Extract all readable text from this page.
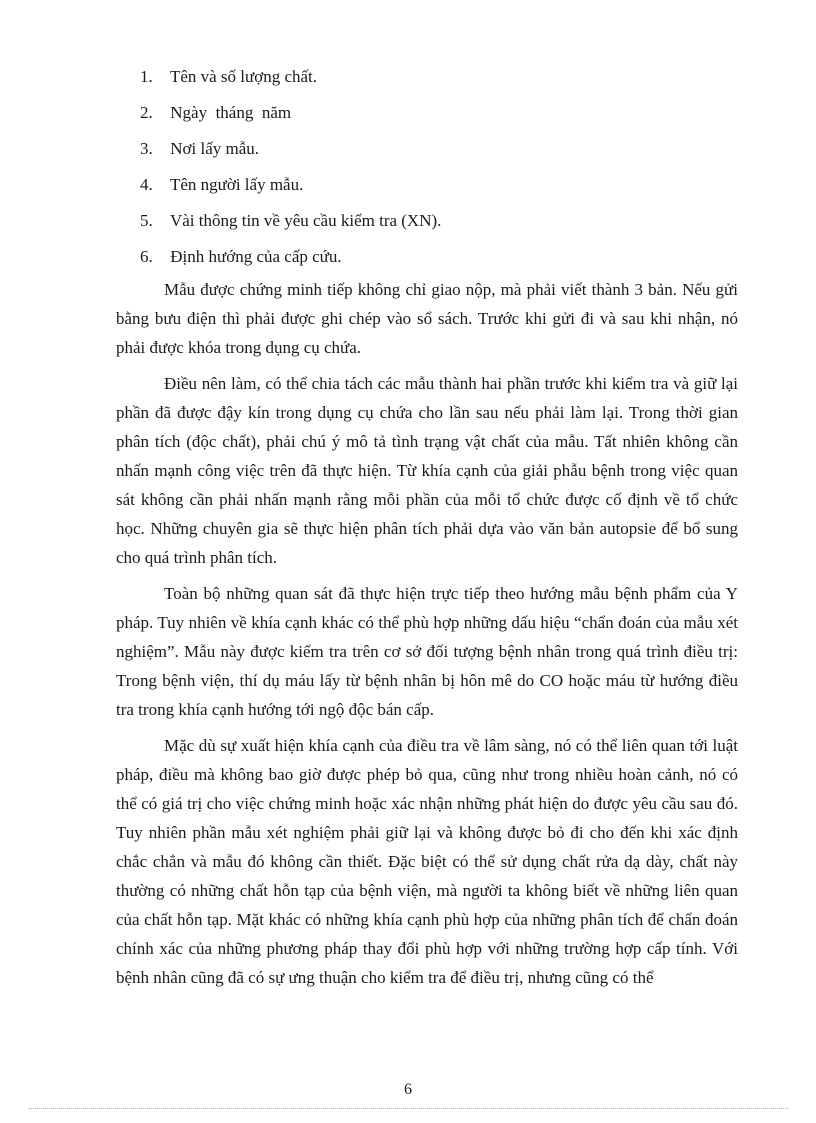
1. Tên và số lượng chất.
2. Ngày  tháng  năm
3. Nơi lấy mẫu.
4. Tên người lấy mẫu.
5. Vài thông tin về yêu cầu kiểm tra (XN).
6. Định hướng của cấp cứu.

Mẫu được chứng minh tiếp không chỉ giao nộp, mà phải viết thành 3 bản. Nếu gửi bằng bưu điện thì phải được ghi chép vào sổ sách. Trước khi gửi đi và sau khi nhận, nó phải được khóa trong dụng cụ chứa.

Điều nên làm, có thể chia tách các mẫu thành hai phần trước khi kiểm tra và giữ lại phần đã được đậy kín trong dụng cụ chứa cho lần sau nếu phải làm lại. Trong thời gian phân tích (độc chất), phải chú ý mô tả tình trạng vật chất của mẫu. Tất nhiên không cần nhấn mạnh công việc trên đã thực hiện. Từ khía cạnh của giải phẫu bệnh trong việc quan sát không cần phải nhấn mạnh rằng mỗi phần của mỗi tổ chức được cố định về tổ chức học. Những chuyên gia sẽ thực hiện phân tích phải dựa vào văn bản autopsie để bổ sung cho quá trình phân tích.

Toàn bộ những quan sát đã thực hiện trực tiếp theo hướng mẫu bệnh phẩm của Y pháp. Tuy nhiên về khía cạnh khác có thể phù hợp những dấu hiệu “chẩn đoán của mẫu xét nghiệm”. Mẫu này được kiểm tra trên cơ sở đối tượng bệnh nhân trong quá trình điều trị: Trong bệnh viện, thí dụ máu lấy từ bệnh nhân bị hôn mê do CO hoặc máu từ hướng điều tra trong khía cạnh hướng tới ngộ độc bán cấp.

Mặc dù sự xuất hiện khía cạnh của điều tra về lâm sàng, nó có thể liên quan tới luật pháp, điều mà không bao giờ được phép bỏ qua, cũng như trong nhiều hoàn cảnh, nó có thể có giá trị cho việc chứng minh hoặc xác nhận những phát hiện do được yêu cầu sau đó. Tuy nhiên phần mẫu xét nghiệm phải giữ lại và không được bỏ đi cho đến khi xác định chắc chắn và mẫu đó không cần thiết. Đặc biệt có thể sử dụng chất rửa dạ dày, chất này thường có những chất hỗn tạp của bệnh viện, mà người ta không biết về những liên quan của chất hỗn tạp. Mặt khác có những khía cạnh phù hợp của những phân tích để chẩn đoán chính xác của những phương pháp thay đổi phù hợp với những trường hợp cấp tính. Với bệnh nhân cũng đã có sự ưng thuận cho kiểm tra để điều trị, nhưng cũng có thể

6
